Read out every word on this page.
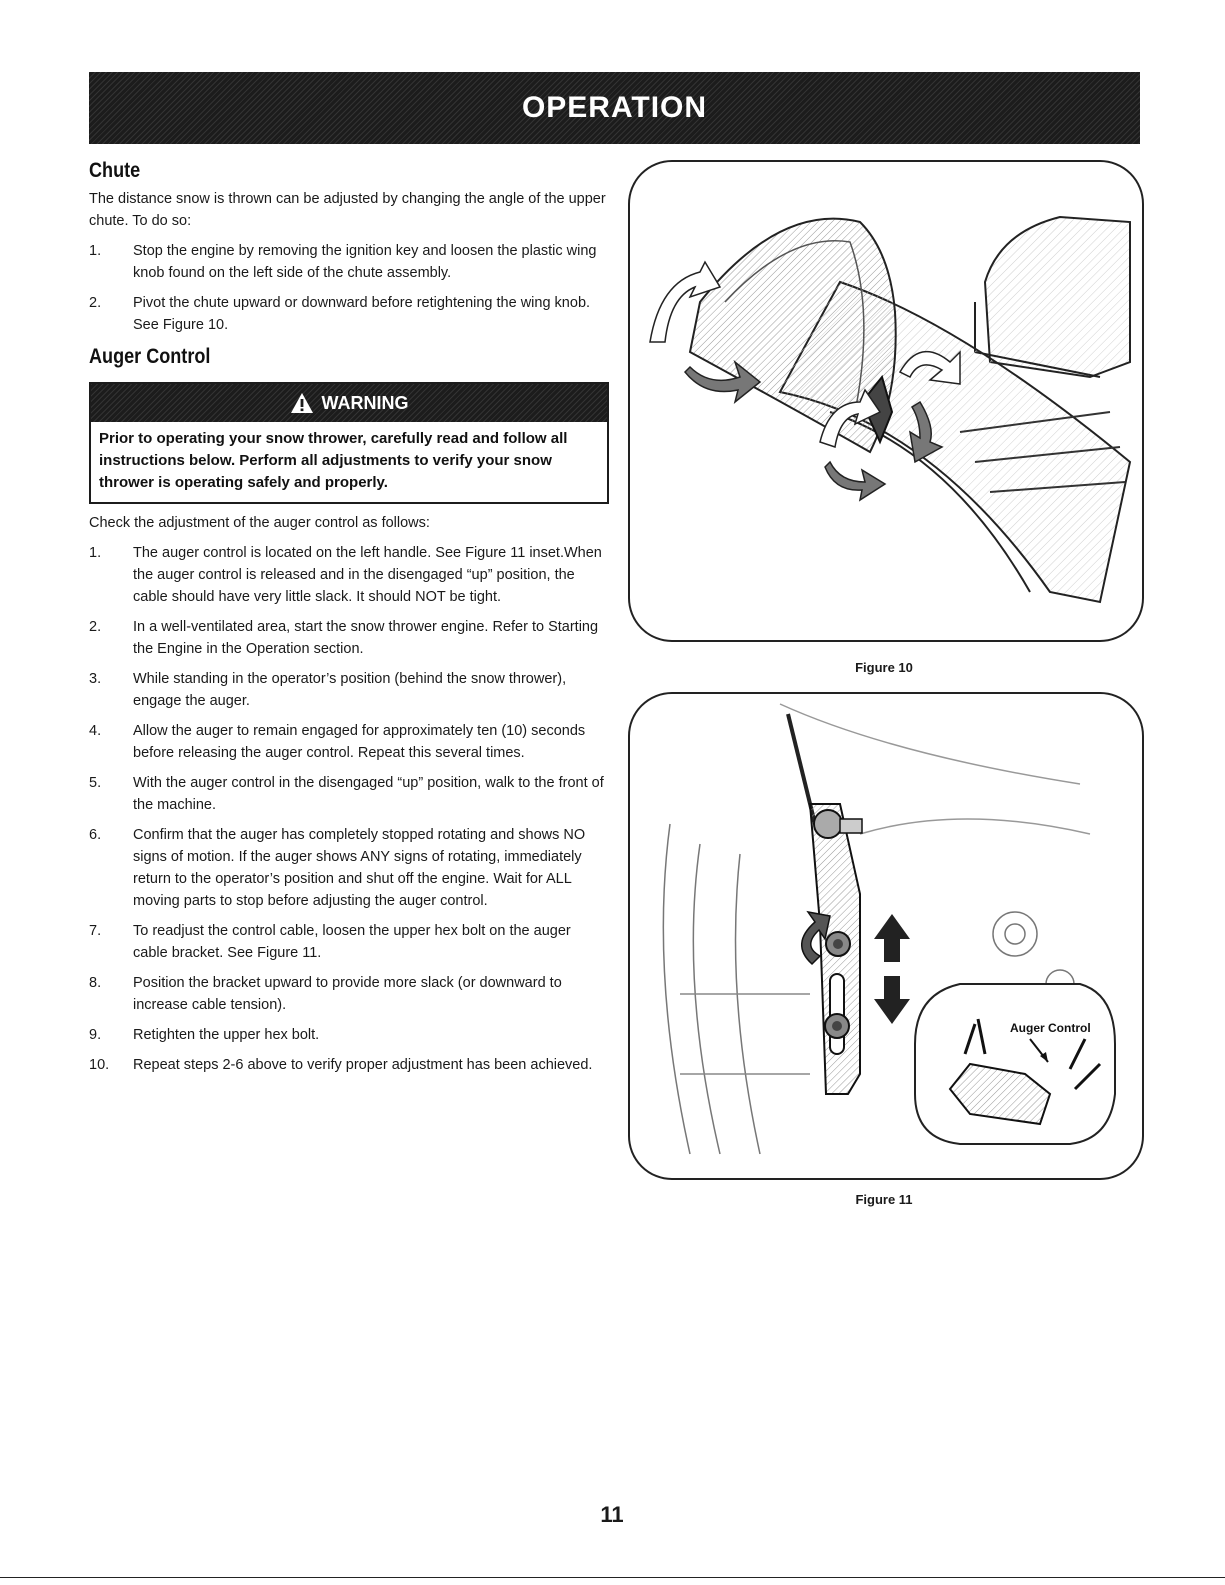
OPERATION
Chute

The distance snow is thrown can be adjusted by changing the angle of the upper chute. To do so:

1.	Stop the engine by removing the ignition key and loosen the plastic wing knob found on the left side of the chute assembly.
2.	Pivot the chute upward or downward before retightening the wing knob. See Figure 10.
Auger Control
WARNING
Prior to operating your snow thrower, carefully read and follow all instructions below. Perform all adjustments to verify your snow thrower is operating safely and properly.

Check the adjustment of the auger control as follows:

1.	The auger control is located on the left handle. See Figure 11 inset.When the auger control is released and in the disengaged “up” position, the cable should have very little slack. It should NOT be tight.
2.	In a well-ventilated area, start the snow thrower engine. Refer to Starting the Engine in the Operation section.
3.	While standing in the operator’s position (behind the snow thrower), engage the auger.
4.	Allow the auger to remain engaged for approximately ten (10) seconds before releasing the auger control. Repeat this several times.
5.	With the auger control in the disengaged “up” position, walk to the front of the machine.
6.	Confirm that the auger has completely stopped rotating and shows NO signs of motion. If the auger shows ANY signs of rotating, immediately return to the operator’s position and shut off the engine. Wait for ALL moving parts to stop before adjusting the auger control.
7.	To readjust the control cable, loosen the upper hex bolt on the auger cable bracket. See Figure 11.
8.	Position the bracket upward to provide more slack (or downward to increase cable tension).
9.	Retighten the upper hex bolt.
10.	Repeat steps 2-6 above to verify proper adjustment has been achieved.
Figure 10
Auger Control
Figure 11
11
